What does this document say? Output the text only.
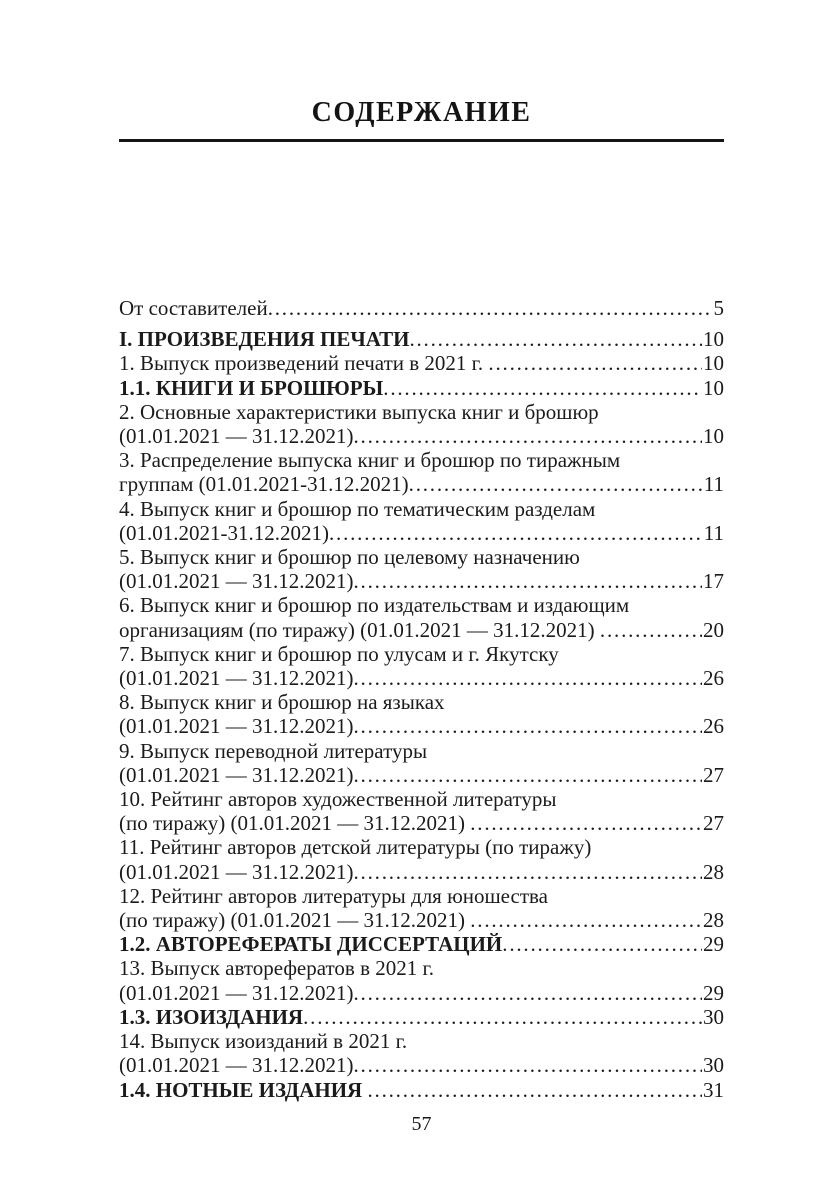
СОДЕРЖАНИЕ
От составителей .....	5
I. ПРОИЗВЕДЕНИЯ ПЕЧАТИ .....	10
1. Выпуск произведений печати в 2021 г. .....	10
1.1. КНИГИ И БРОШЮРЫ .....	10
2. Основные характеристики выпуска книг и брошюр
(01.01.2021 — 31.12.2021) .....	10
3. Распределение выпуска книг и брошюр по тиражным
группам (01.01.2021-31.12.2021) .....	11
4. Выпуск книг и брошюр по тематическим разделам
(01.01.2021-31.12.2021) .....	11
5. Выпуск книг и брошюр по целевому назначению
(01.01.2021 — 31.12.2021) .....	17
6. Выпуск книг и брошюр по издательствам и издающим
организациям (по тиражу) (01.01.2021 — 31.12.2021) .....	20
7. Выпуск книг и брошюр по улусам и г. Якутску
(01.01.2021 — 31.12.2021) .....	26
8. Выпуск книг и брошюр на языках
(01.01.2021 — 31.12.2021) .....	26
9. Выпуск переводной литературы
(01.01.2021 — 31.12.2021) .....	27
10. Рейтинг авторов художественной литературы
(по тиражу) (01.01.2021 — 31.12.2021) .....	27
11. Рейтинг авторов детской литературы (по тиражу)
(01.01.2021 — 31.12.2021) .....	28
12. Рейтинг авторов литературы для юношества
(по тиражу) (01.01.2021 — 31.12.2021) .....	28
1.2. АВТОРЕФЕРАТЫ ДИССЕРТАЦИЙ .....	29
13. Выпуск авторефератов в 2021 г.
(01.01.2021 — 31.12.2021) .....	29
1.3. ИЗОИЗДАНИЯ .....	30
14. Выпуск изоизданий в 2021 г.
(01.01.2021 — 31.12.2021) .....	30
1.4. НОТНЫЕ ИЗДАНИЯ .....	31
57
